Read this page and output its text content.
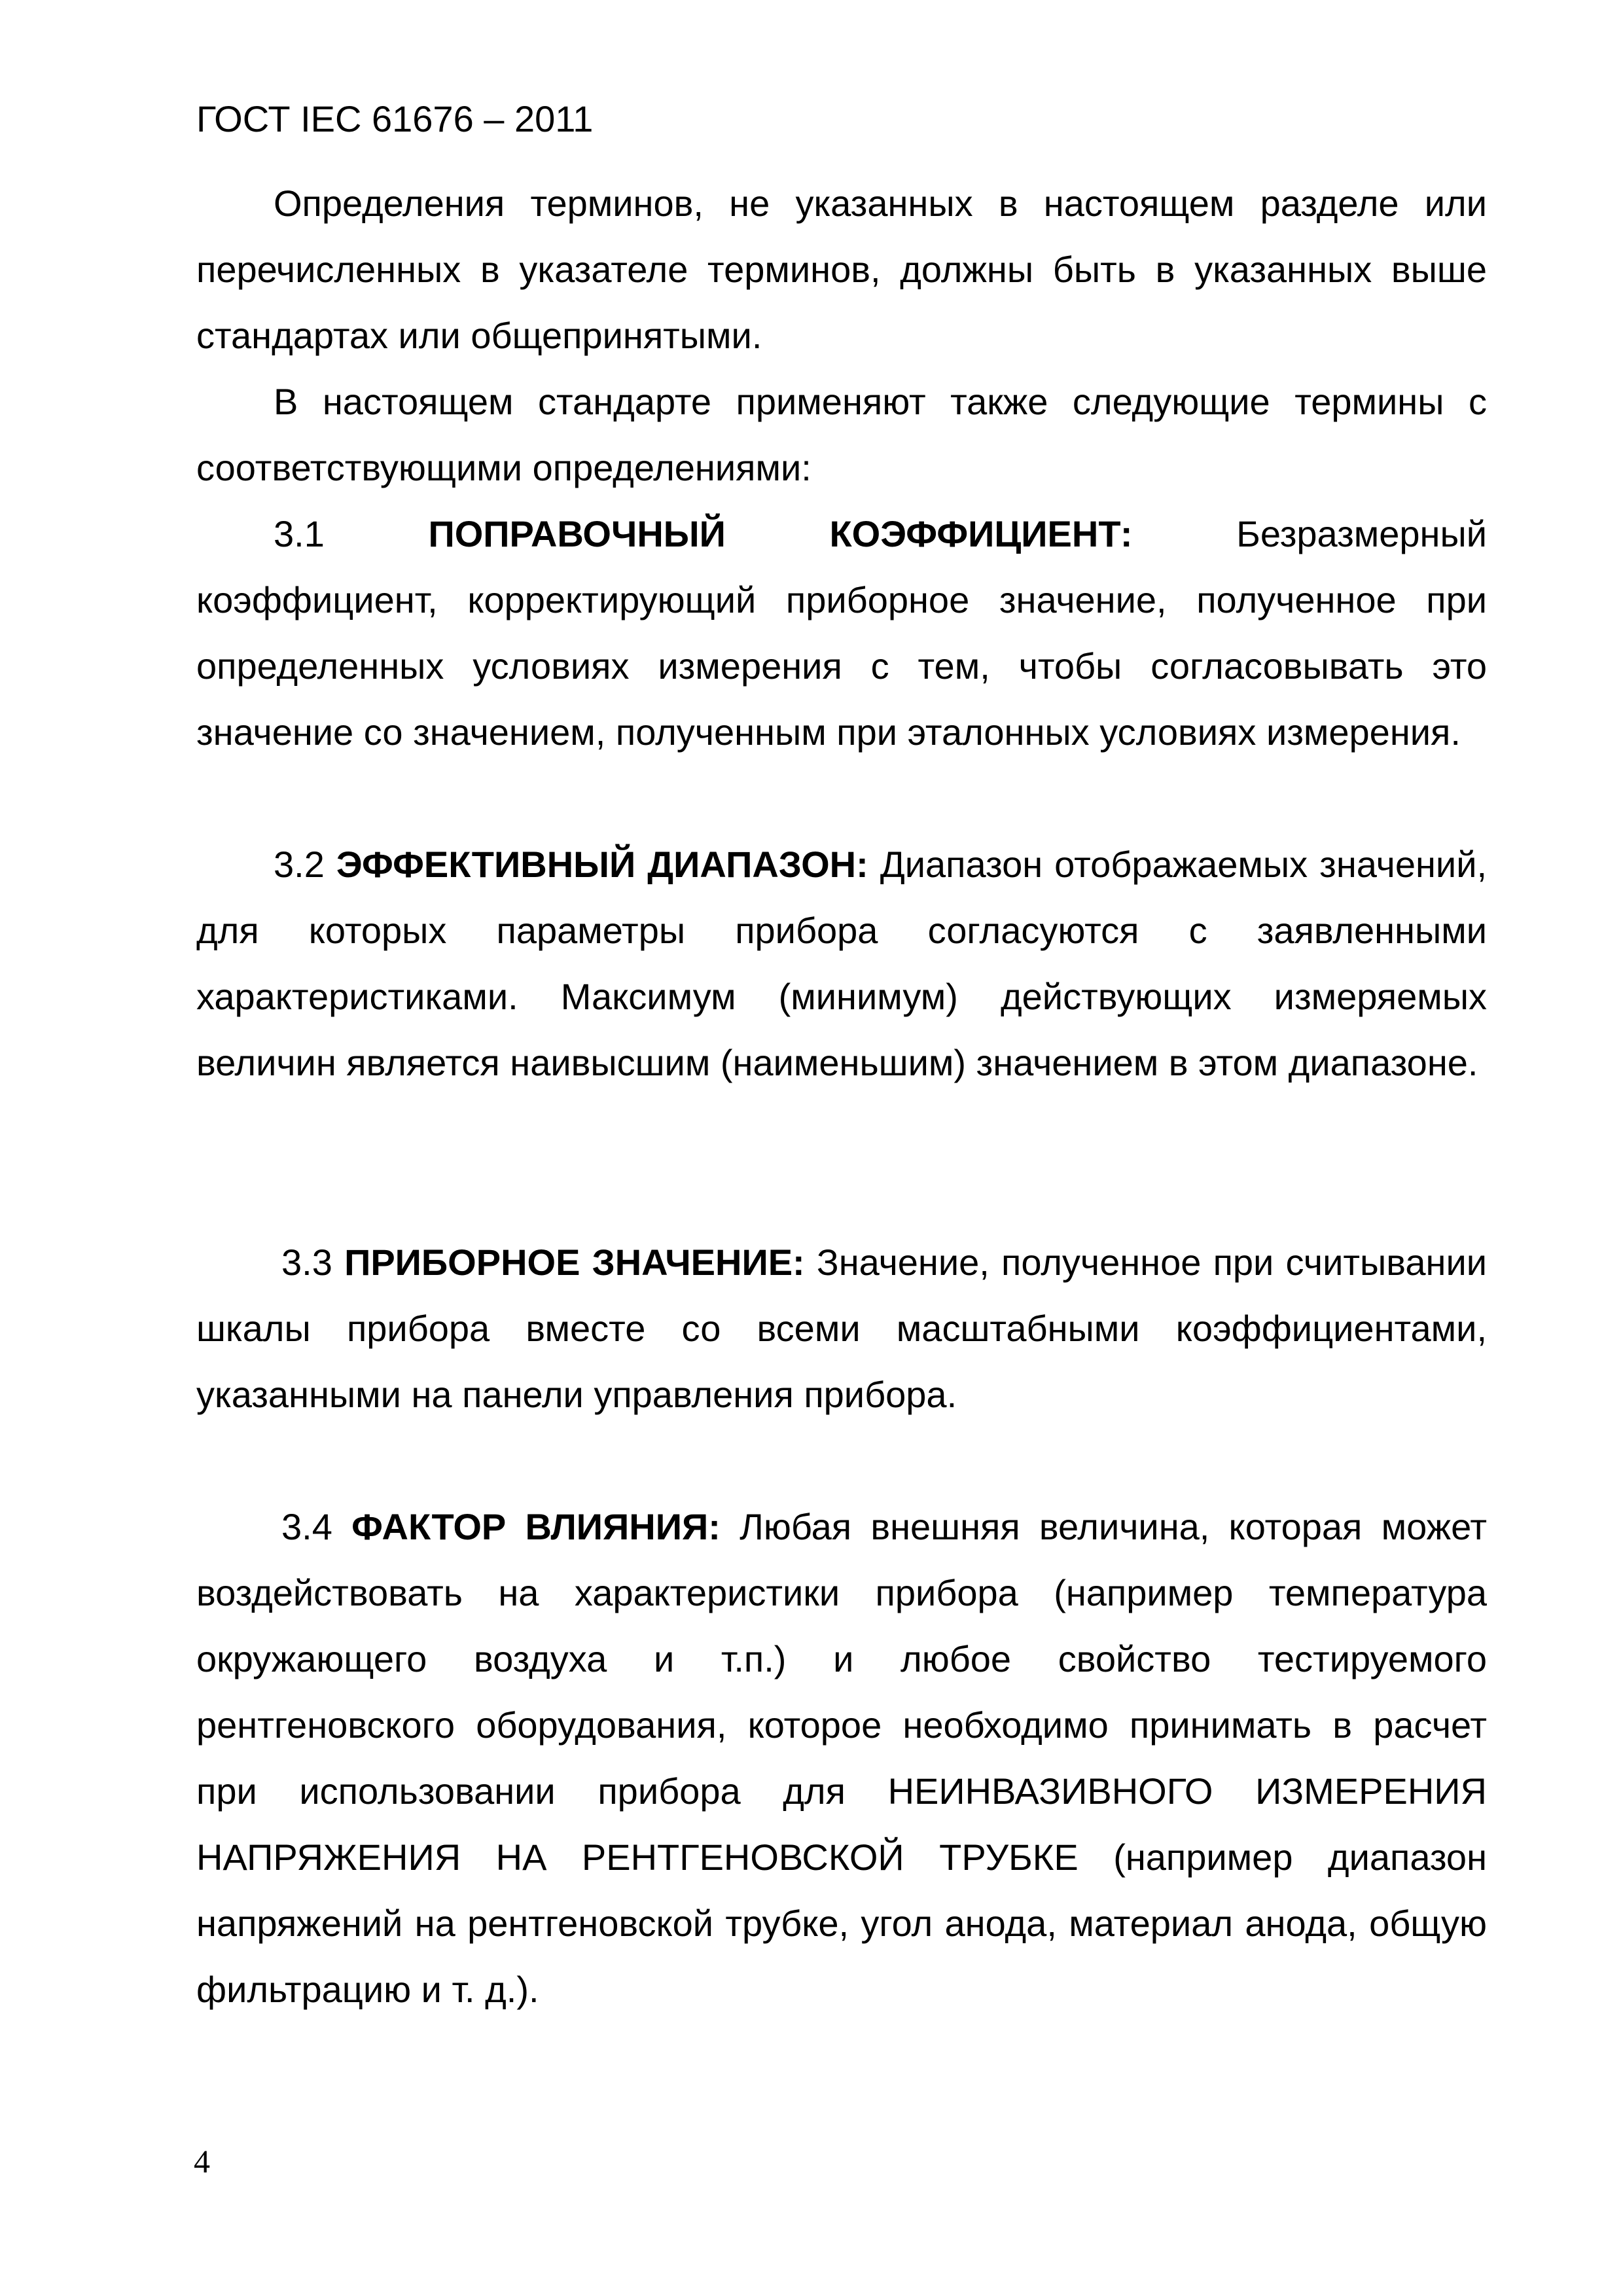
ГОСТ IEC 61676 – 2011

Определения терминов, не указанных в настоящем разделе или перечисленных в указателе терминов, должны быть в указанных выше стандартах или общепринятыми.

В настоящем стандарте применяют также следующие термины с соответствующими определениями:

3.1	ПОПРАВОЧНЫЙ	КОЭФФИЦИЕНТ:	Безразмерный
коэффициент, корректирующий приборное значение, полученное при определенных условиях измерения с тем, чтобы согласовывать это значение со значением, полученным при эталонных условиях измерения.

3.2 ЭФФЕКТИВНЫЙ ДИАПАЗОН: Диапазон отображаемых значений, для которых параметры прибора согласуются с заявленными характеристиками. Максимум (минимум) действующих измеряемых величин является наивысшим (наименьшим) значением в этом диапазоне.

3.3 ПРИБОРНОЕ ЗНАЧЕНИЕ: Значение, полученное при считывании шкалы прибора вместе со всеми масштабными коэффициентами, указанными на панели управления прибора.

3.4 ФАКТОР ВЛИЯНИЯ: Любая внешняя величина, которая может воздействовать на характеристики прибора (например температура окружающего воздуха и т.п.) и любое свойство тестируемого рентгеновского оборудования, которое необходимо принимать в расчет при использовании прибора для НЕИНВАЗИВНОГО ИЗМЕРЕНИЯ НАПРЯЖЕНИЯ НА РЕНТГЕНОВСКОЙ ТРУБКЕ (например диапазон напряжений на рентгеновской трубке, угол анода, материал анода, общую фильтрацию и т. д.).

4
